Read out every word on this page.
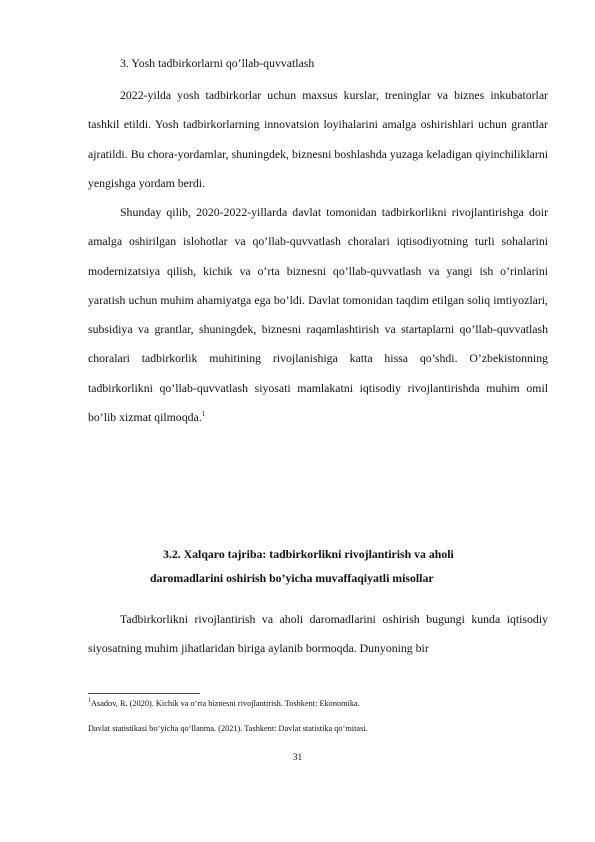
3. Yosh tadbirkorlarni qo’llab-quvvatlash

2022-yilda yosh tadbirkorlar uchun maxsus kurslar, treninglar va biznes inkubatorlar tashkil etildi. Yosh tadbirkorlarning innovatsion loyihalarini amalga oshirishlari uchun grantlar ajratildi. Bu chora-yordamlar, shuningdek, biznesni boshlashda yuzaga keladigan qiyinchiliklarni yengishga yordam berdi.

Shunday qilib, 2020-2022-yillarda davlat tomonidan tadbirkorlikni rivojlantirishga doir amalga oshirilgan islohotlar va qo’llab-quvvatlash choralari iqtisodiyotning turli sohalarini modernizatsiya qilish, kichik va o’rta biznesni qo’llab-quvvatlash va yangi ish o’rinlarini yaratish uchun muhim ahamiyatga ega bo’ldi. Davlat tomonidan taqdim etilgan soliq imtiyozlari, subsidiya va grantlar, shuningdek, biznesni raqamlashtirish va startaplarni qo’llab-quvvatlash choralari tadbirkorlik muhitining rivojlanishiga katta hissa qo’shdi. O’zbekistonning tadbirkorlikni qo’llab-quvvatlash siyosati mamlakatni iqtisodiy rivojlantirishda muhim omil bo’lib xizmat qilmoqda.$^1$

3.2. Xalqaro tajriba: tadbirkorlikni rivojlantirish va aholi
daromadlarini oshirish bo’yicha muvaffaqiyatli misollar

Tadbirkorlikni rivojlantirish va aholi daromadlarini oshirish bugungi kunda iqtisodiy siyosatning muhim jihatlaridan biriga aylanib bormoqda. Dunyoning bir

$^1$Asadov, R. (2020). Kichik va o‘rta biznesni rivojlantirish. Toshkent: Ekonomika.
Davlat statistikasi bo‘yicha qo‘llanma. (2021). Tashkent: Davlat statistika qo‘mitasi.
31
